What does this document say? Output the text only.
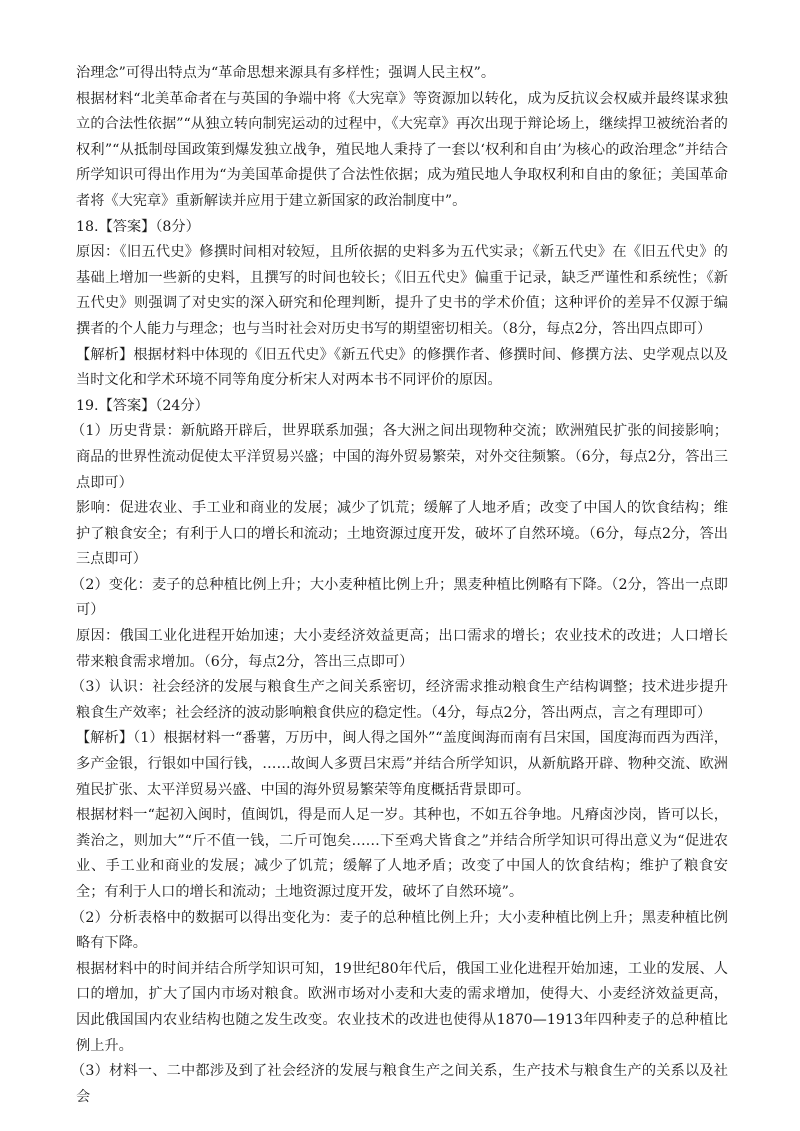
治理念”可得出特点为“革命思想来源具有多样性；强调人民主权”。

根据材料“北美革命者在与英国的争端中将《大宪章》等资源加以转化，成为反抗议会权威并最终谋求独立的合法性依据”“从独立转向制宪运动的过程中，《大宪章》再次出现于辩论场上，继续捍卫被统治者的权利”“从抵制母国政策到爆发独立战争，殖民地人秉持了一套以‘权利和自由’为核心的政治理念”并结合所学知识可得出作用为“为美国革命提供了合法性依据；成为殖民地人争取权利和自由的象征；美国革命者将《大宪章》重新解读并应用于建立新国家的政治制度中”。

18.【答案】（8分）

原因：《旧五代史》修撰时间相对较短，且所依据的史料多为五代实录；《新五代史》在《旧五代史》的基础上增加一些新的史料，且撰写的时间也较长；《旧五代史》偏重于记录，缺乏严谨性和系统性；《新五代史》则强调了对史实的深入研究和伦理判断，提升了史书的学术价值；这种评价的差异不仅源于编撰者的个人能力与理念；也与当时社会对历史书写的期望密切相关。（8分，每点2分，答出四点即可）

【解析】根据材料中体现的《旧五代史》《新五代史》的修撰作者、修撰时间、修撰方法、史学观点以及当时文化和学术环境不同等角度分析宋人对两本书不同评价的原因。

19.【答案】（24分）

（1）历史背景：新航路开辟后，世界联系加强；各大洲之间出现物种交流；欧洲殖民扩张的间接影响；商品的世界性流动促使太平洋贸易兴盛；中国的海外贸易繁荣，对外交往频繁。（6分，每点2分，答出三点即可）

影响：促进农业、手工业和商业的发展；减少了饥荒；缓解了人地矛盾；改变了中国人的饮食结构；维护了粮食安全；有利于人口的增长和流动；土地资源过度开发，破坏了自然环境。（6分，每点2分，答出三点即可）

（2）变化：麦子的总种植比例上升；大小麦种植比例上升；黑麦种植比例略有下降。（2分，答出一点即可）

原因：俄国工业化进程开始加速；大小麦经济效益更高；出口需求的增长；农业技术的改进；人口增长带来粮食需求增加。（6分，每点2分，答出三点即可）

（3）认识：社会经济的发展与粮食生产之间关系密切，经济需求推动粮食生产结构调整；技术进步提升粮食生产效率；社会经济的波动影响粮食供应的稳定性。（4分，每点2分，答出两点，言之有理即可）

【解析】（1）根据材料一“番薯，万历中，闽人得之国外”“盖度闽海而南有吕宋国，国度海而西为西洋，多产金银，行银如中国行钱，……故闽人多贾吕宋焉”并结合所学知识，从新航路开辟、物种交流、欧洲殖民扩张、太平洋贸易兴盛、中国的海外贸易繁荣等角度概括背景即可。

根据材料一“起初入闽时，值闽饥，得是而人足一岁。其种也，不如五谷争地。凡瘠卤沙岗，皆可以长，粪治之，则加大”“斤不值一钱，二斤可饱矣……下至鸡犬皆食之”并结合所学知识可得出意义为“促进农业、手工业和商业的发展；减少了饥荒；缓解了人地矛盾；改变了中国人的饮食结构；维护了粮食安全；有利于人口的增长和流动；土地资源过度开发，破坏了自然环境”。

（2）分析表格中的数据可以得出变化为：麦子的总种植比例上升；大小麦种植比例上升；黑麦种植比例略有下降。

根据材料中的时间并结合所学知识可知，19世纪80年代后，俄国工业化进程开始加速，工业的发展、人口的增加，扩大了国内市场对粮食。欧洲市场对小麦和大麦的需求增加，使得大、小麦经济效益更高，因此俄国国内农业结构也随之发生改变。农业技术的改进也使得从1870—1913年四种麦子的总种植比例上升。

（3）材料一、二中都涉及到了社会经济的发展与粮食生产之间关系，生产技术与粮食生产的关系以及社会
